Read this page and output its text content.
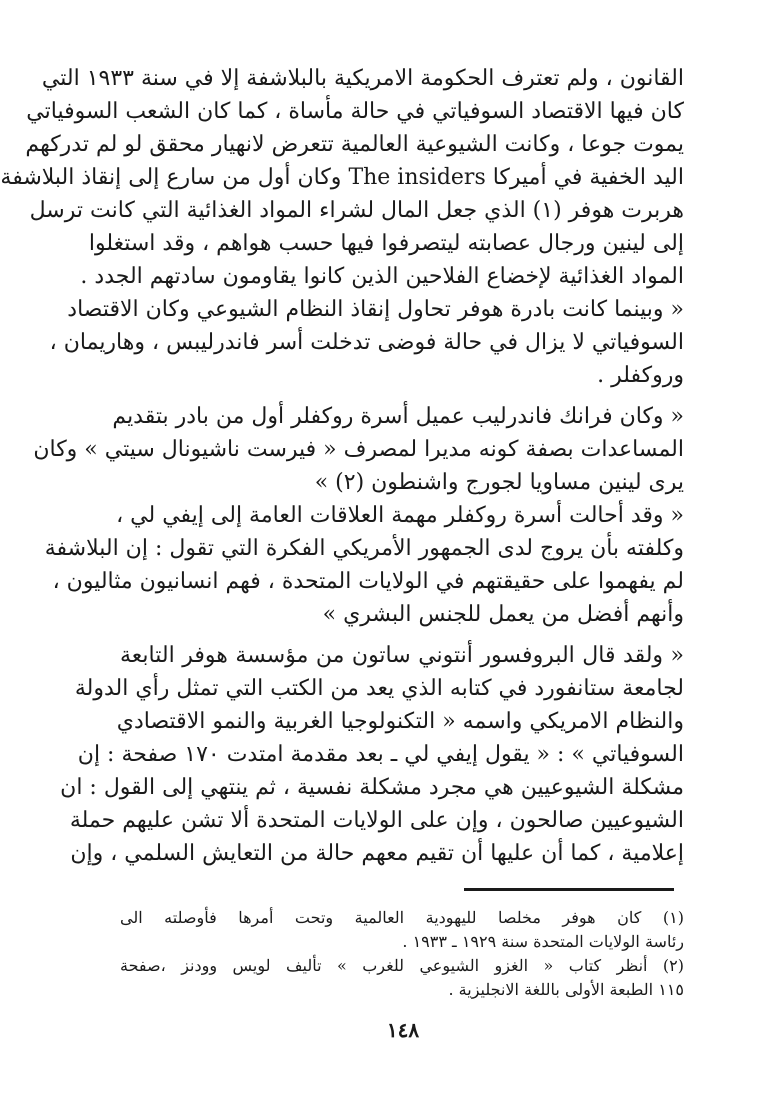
القانون ، ولم تعترف الحكومة الامريكية بالبلاشفة إلا في سنة ١٩٣٣ التي
كان فيها الاقتصاد السوفياتي في حالة مأساة ، كما كان الشعب السوفياتي
يموت جوعا ، وكانت الشيوعية العالمية تتعرض لانهيار محقق لو لم تدركهم
اليد الخفية في أميركا The insiders وكان أول من سارع إلى إنقاذ البلاشفة
هربرت هوفر (١) الذي جعل المال لشراء المواد الغذائية التي كانت ترسل
إلى لينين ورجال عصابته ليتصرفوا فيها حسب هواهم ، وقد استغلوا
المواد الغذائية لإخضاع الفلاحين الذين كانوا يقاومون سادتهم الجدد .
« وبينما كانت بادرة هوفر تحاول إنقاذ النظام الشيوعي وكان الاقتصاد
السوفياتي لا يزال في حالة فوضى تدخلت أسر فاندرليبس ، وهاريمان ،
وروكفلر .
« وكان فرانك فاندرليب عميل أسرة روكفلر أول من بادر بتقديم
المساعدات بصفة كونه مديرا لمصرف « فيرست ناشيونال سيتي » وكان
يرى لينين مساويا لجورج واشنطون (٢) »
« وقد أحالت أسرة روكفلر مهمة العلاقات العامة إلى إيفي لي ،
وكلفته بأن يروج لدى الجمهور الأمريكي الفكرة التي تقول : إن البلاشفة
لم يفهموا على حقيقتهم في الولايات المتحدة ، فهم انسانيون مثاليون ،
وأنهم أفضل من يعمل للجنس البشري »
« ولقد قال البروفسور أنتوني ساتون من مؤسسة هوفر التابعة
لجامعة ستانفورد في كتابه الذي يعد من الكتب التي تمثل رأي الدولة
والنظام الامريكي واسمه « التكنولوجيا الغربية والنمو الاقتصادي
السوفياتي » : « يقول إيفي لي ـ بعد مقدمة امتدت ١٧٠ صفحة : إن
مشكلة الشيوعيين هي مجرد مشكلة نفسية ، ثم ينتهي إلى القول : ان
الشيوعيين صالحون ، وإن على الولايات المتحدة ألا تشن عليهم حملة
إعلامية ، كما أن عليها أن تقيم معهم حالة من التعايش السلمي ، وإن
(١) كان هوفر مخلصا لليهودية العالمية وتحت أمرها فأوصلته الى
رئاسة الولايات المتحدة سنة ١٩٢٩ ـ ١٩٣٣ .
(٢) أنظر كتاب « الغزو الشيوعي للغرب » تأليف لويس وودنز ،صفحة
١١٥ الطبعة الأولى باللغة الانجليزية .
١٤٨
